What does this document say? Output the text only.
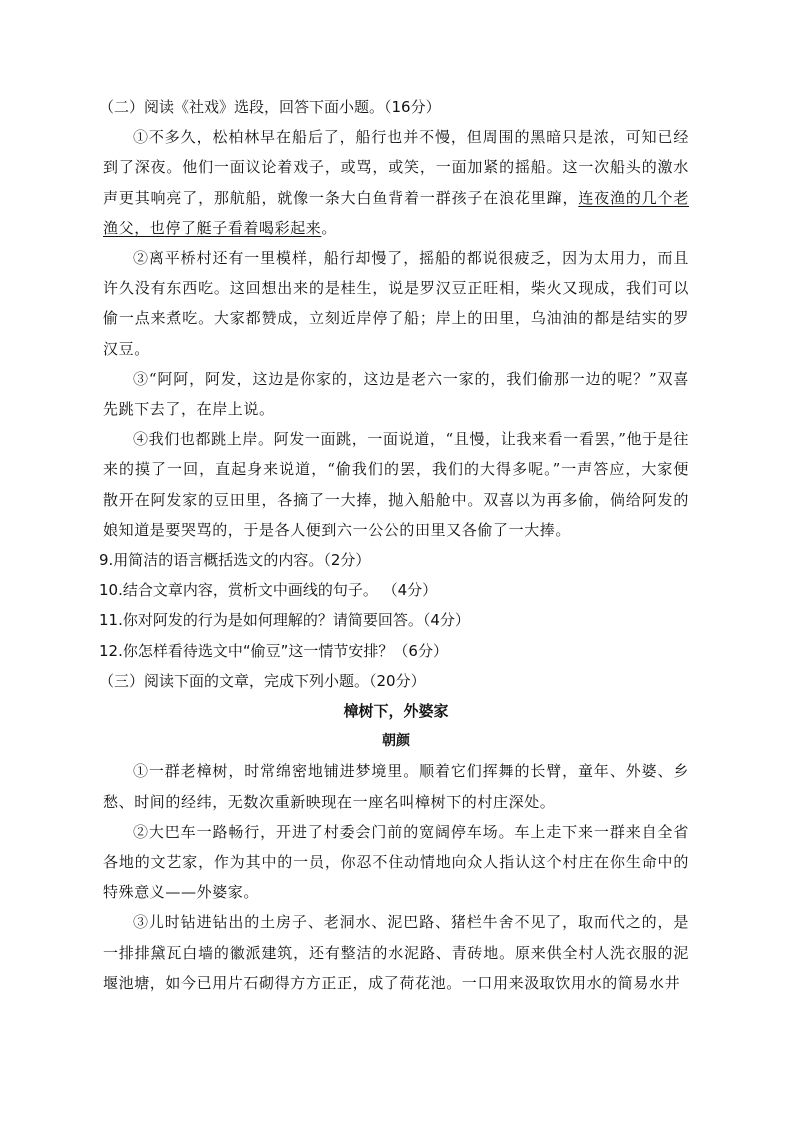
（二）阅读《社戏》选段，回答下面小题。（16分）
①不多久，松柏林早在船后了，船行也并不慢，但周围的黑暗只是浓，可知已经到了深夜。他们一面议论着戏子，或骂，或笑，一面加紧的摇船。这一次船头的激水声更其响亮了，那航船，就像一条大白鱼背着一群孩子在浪花里蹿，连夜渔的几个老渔父，也停了艇子看着喝彩起来。
②离平桥村还有一里模样，船行却慢了，摇船的都说很疲乏，因为太用力，而且许久没有东西吃。这回想出来的是桂生，说是罗汉豆正旺相，柴火又现成，我们可以偷一点来煮吃。大家都赞成，立刻近岸停了船；岸上的田里，乌油油的都是结实的罗汉豆。
③“阿阿，阿发，这边是你家的，这边是老六一家的，我们偷那一边的呢？”双喜先跳下去了，在岸上说。
④我们也都跳上岸。阿发一面跳，一面说道，“且慢，让我来看一看罢，”他于是往来的摸了一回，直起身来说道，“偷我们的罢，我们的大得多呢。”一声答应，大家便散开在阿发家的豆田里，各摘了一大捧，抛入船舱中。双喜以为再多偷，倘给阿发的娘知道是要哭骂的，于是各人便到六一公公的田里又各偷了一大捧。
9.用简洁的语言概括选文的内容。（2分）
10.结合文章内容，赏析文中画线的句子。 （4分）
11.你对阿发的行为是如何理解的？请简要回答。（4分）
12.你怎样看待选文中“偷豆”这一情节安排？（6分）
（三）阅读下面的文章，完成下列小题。（20分）
樟树下，外婆家
朝颜
①一群老樟树，时常绵密地铺进梦境里。顺着它们挥舞的长臂，童年、外婆、乡愁、时间的经纬，无数次重新映现在一座名叫樟树下的村庄深处。
②大巴车一路畅行，开进了村委会门前的宽阔停车场。车上走下来一群来自全省各地的文艺家，作为其中的一员，你忍不住动情地向众人指认这个村庄在你生命中的特殊意义——外婆家。
③儿时钻进钻出的土房子、老洞水、泥巴路、猪栏牛舍不见了，取而代之的，是一排排黛瓦白墙的徽派建筑，还有整洁的水泥路、青砖地。原来供全村人洗衣服的泥堰池塘，如今已用片石砌得方方正正，成了荷花池。一口用来汲取饮用水的简易水井
